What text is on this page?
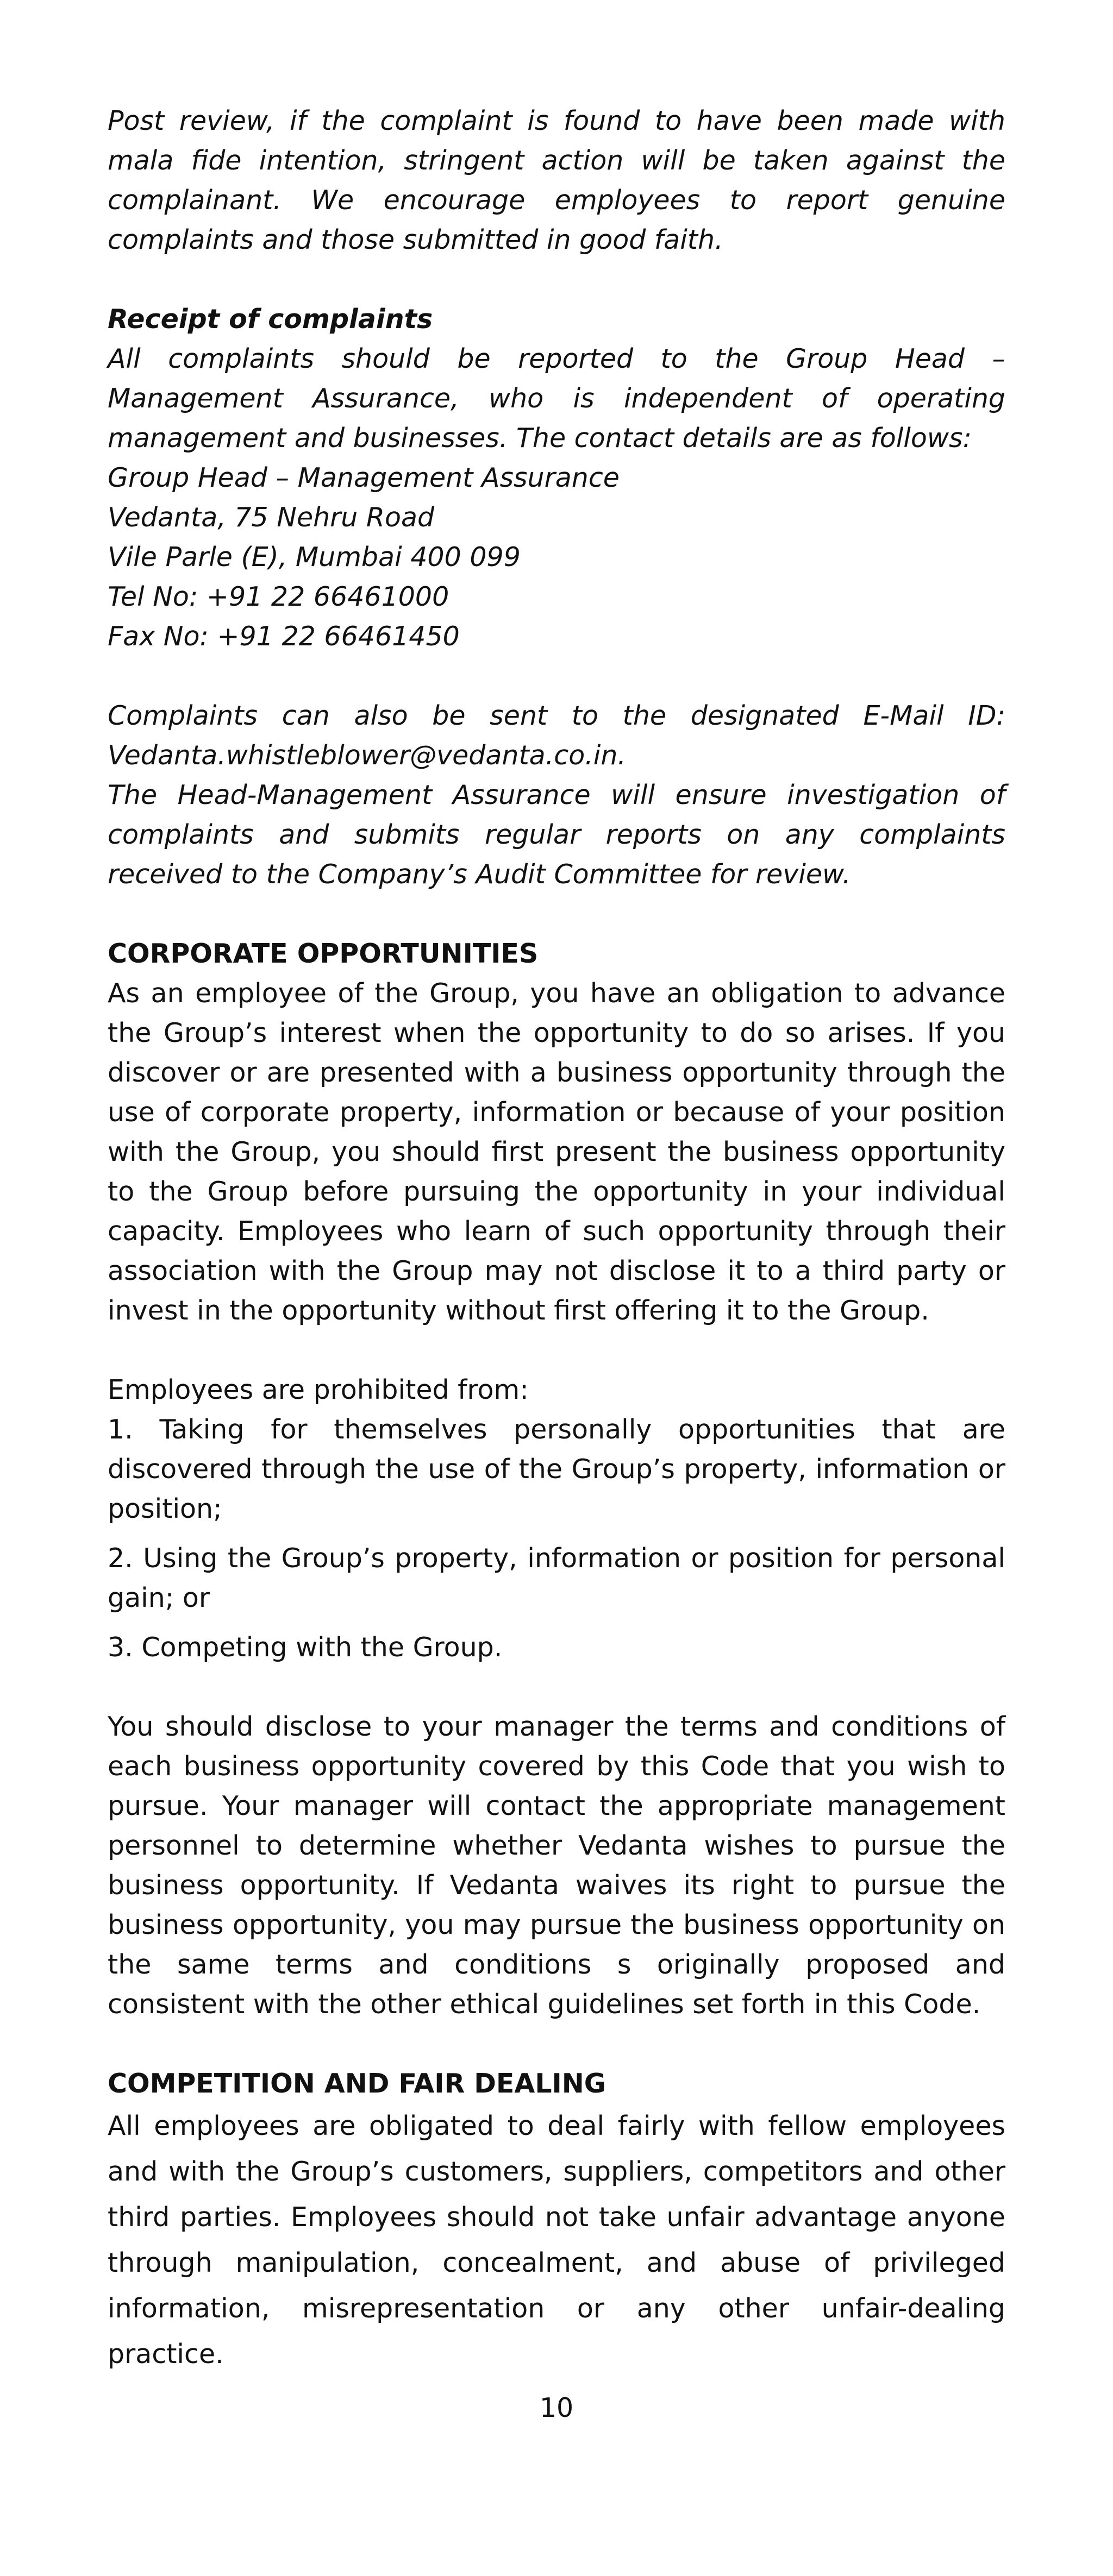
Post review, if the complaint is found to have been made with mala fide intention, stringent action will be taken against the complainant. We encourage employees to report genuine complaints and those submitted in good faith.

Receipt of complaints

All complaints should be reported to the Group Head – Management Assurance, who is independent of operating management and businesses. The contact details are as follows:

Group Head – Management Assurance

Vedanta, 75 Nehru Road

Vile Parle (E), Mumbai 400 099

Tel No: +91 22 66461000

Fax No: +91 22 66461450

Complaints can also be sent to the designated E-Mail ID: Vedanta.whistleblower@vedanta.co.in.

The Head-Management Assurance will ensure investigation of complaints and submits regular reports on any complaints received to the Company’s Audit Committee for review.

CORPORATE OPPORTUNITIES

As an employee of the Group, you have an obligation to advance the Group’s interest when the opportunity to do so arises. If you discover or are presented with a business opportunity through the use of corporate property, information or because of your position with the Group, you should first present the business opportunity to the Group before pursuing the opportunity in your individual capacity. Employees who learn of such opportunity through their association with the Group may not disclose it to a third party or invest in the opportunity without first offering it to the Group.

Employees are prohibited from:

1. Taking for themselves personally opportunities that are discovered through the use of the Group’s property, information or position;

2. Using the Group’s property, information or position for personal gain; or

3. Competing with the Group.

You should disclose to your manager the terms and conditions of each business opportunity covered by this Code that you wish to pursue. Your manager will contact the appropriate management personnel to determine whether Vedanta wishes to pursue the business opportunity. If Vedanta waives its right to pursue the business opportunity, you may pursue the business opportunity on the same terms and conditions s originally proposed and consistent with the other ethical guidelines set forth in this Code.

COMPETITION AND FAIR DEALING

All employees are obligated to deal fairly with fellow employees and with the Group’s customers, suppliers, competitors and other third parties. Employees should not take unfair advantage anyone through manipulation, concealment, and abuse of privileged information, misrepresentation or any other unfair-dealing practice.

10
